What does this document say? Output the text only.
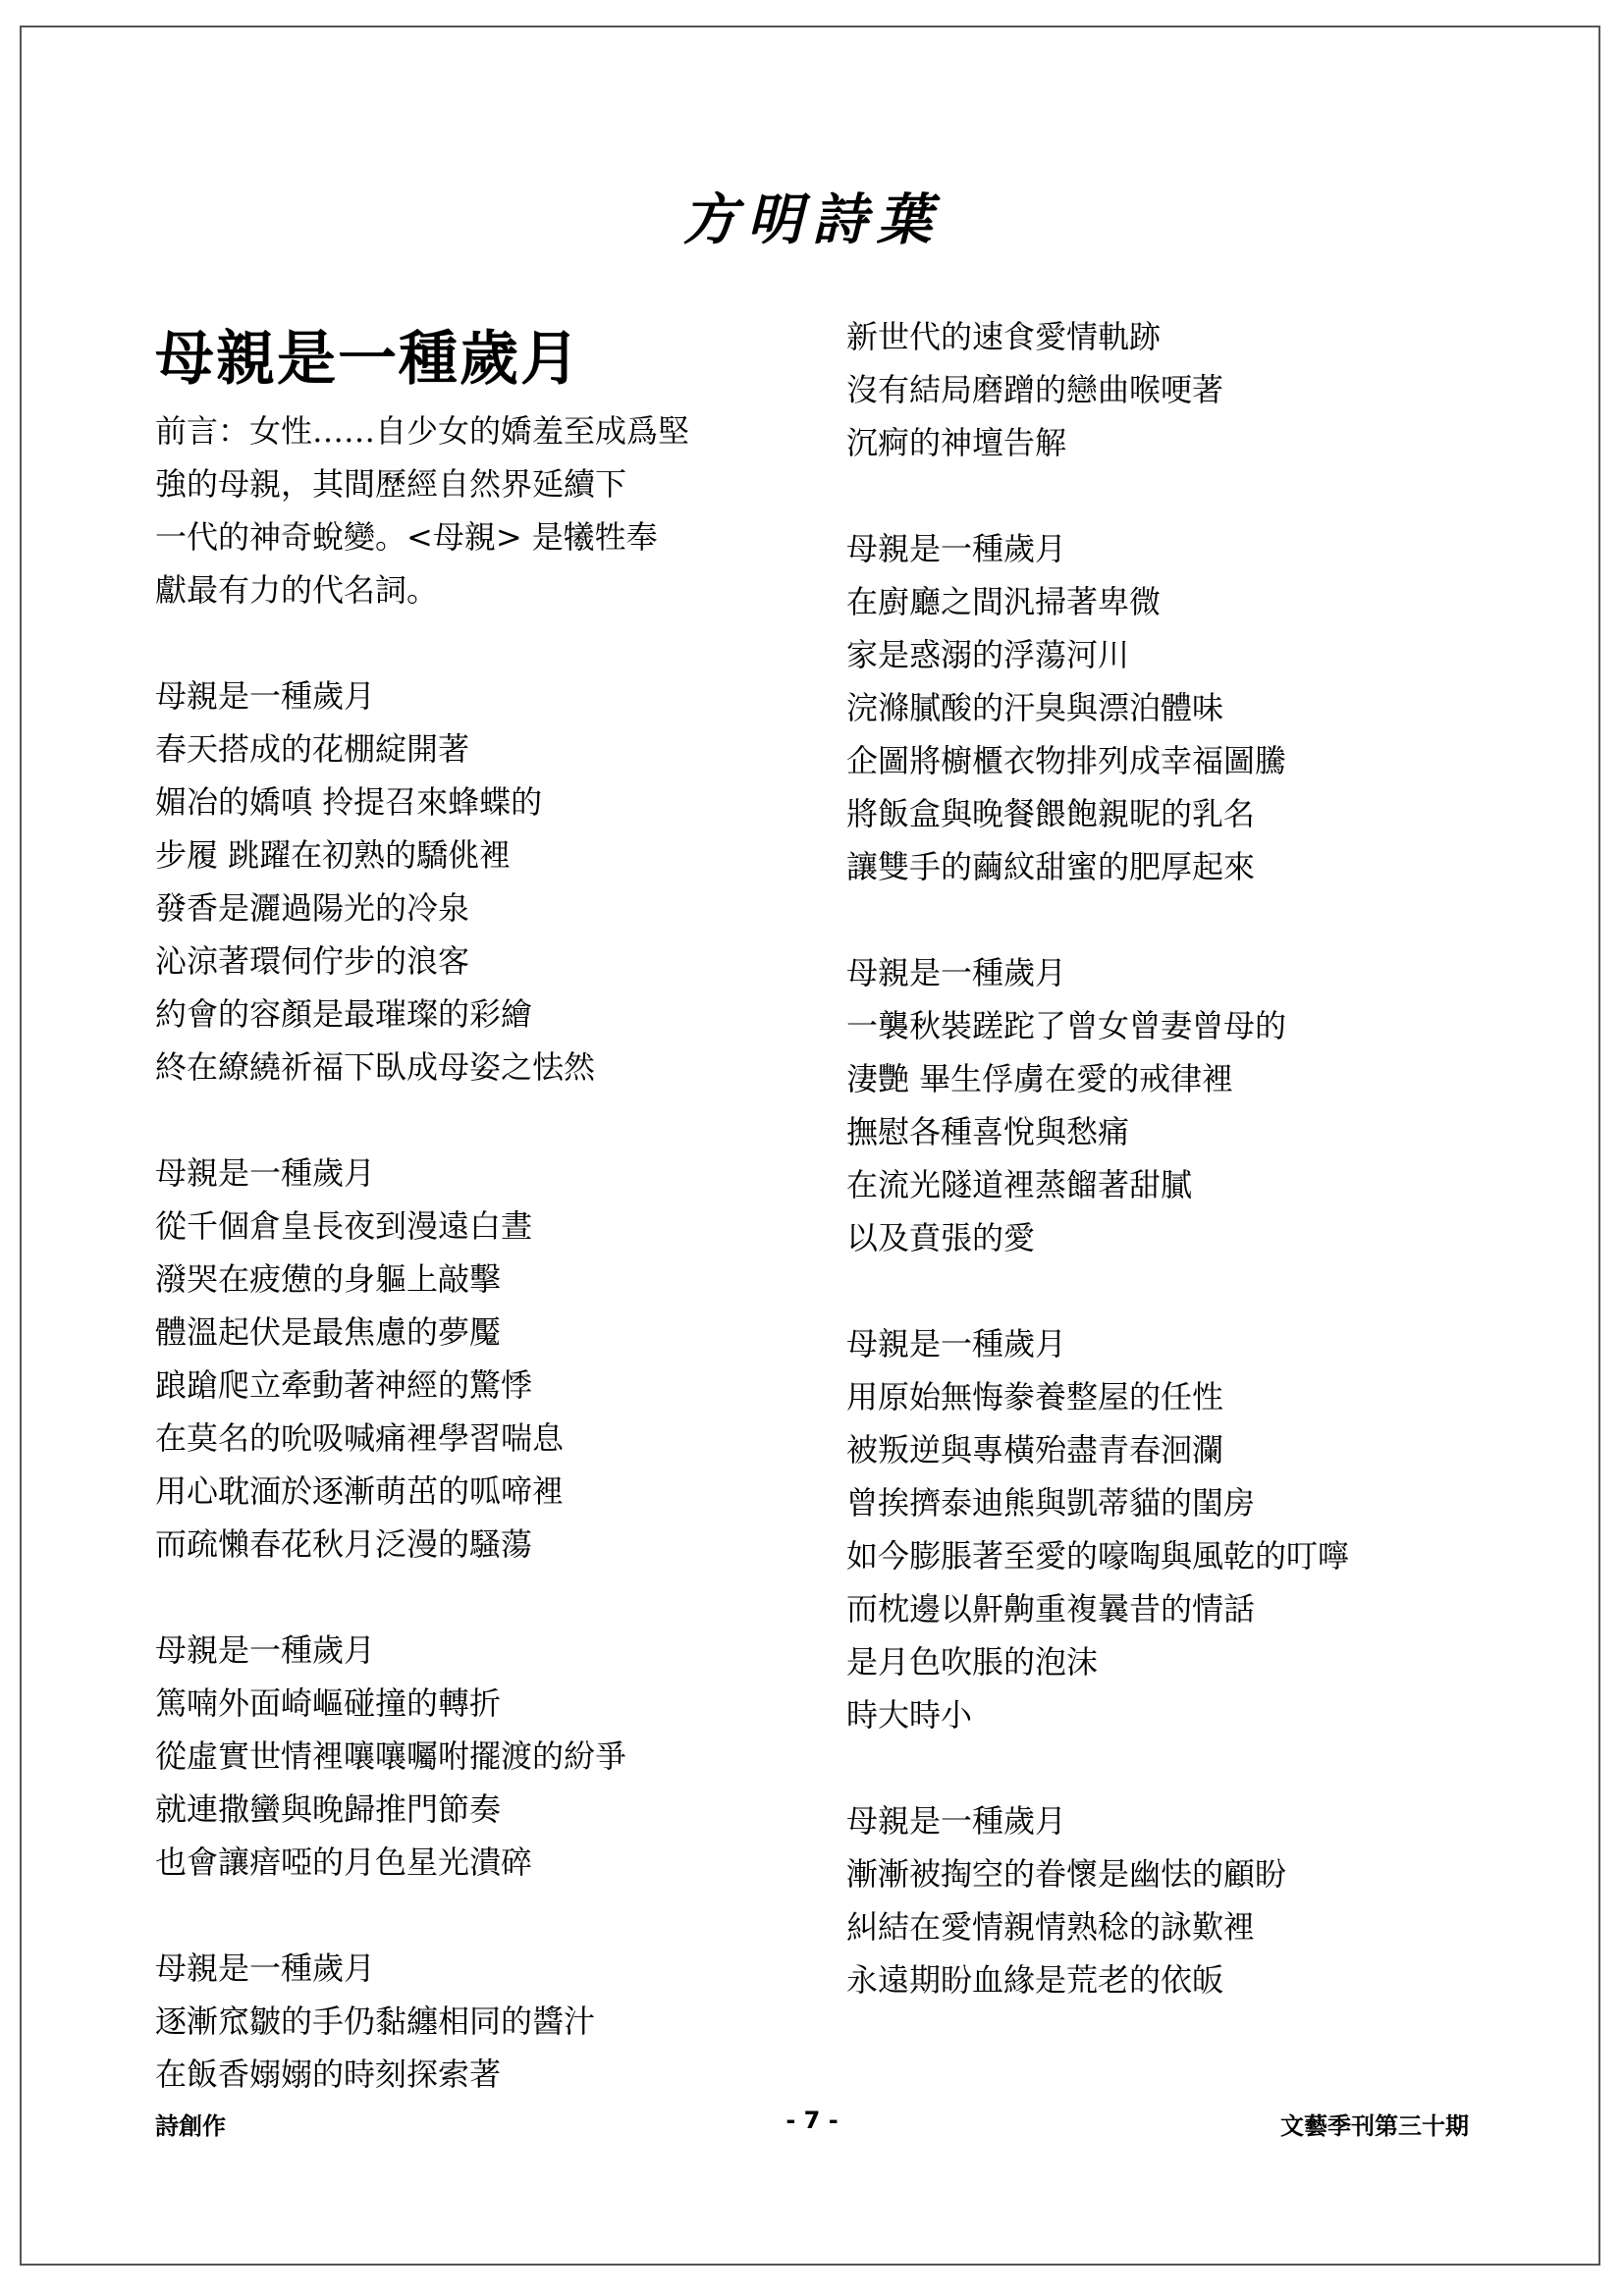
方明詩葉
母親是一種歲月
前言：女性……自少女的嬌羞至成爲堅
強的母親，其間歷經自然界延續下
一代的神奇蛻變。<母親> 是犧牲奉
獻最有力的代名詞。
母親是一種歲月
春天搭成的花棚綻開著
媚冶的嬌嗔 拎提召來蜂蝶的
步履 跳躍在初熟的驕佻裡
發香是灑過陽光的冷泉
沁涼著環伺佇步的浪客
約會的容顏是最璀璨的彩繪
終在繚繞祈福下臥成母姿之怯然
母親是一種歲月
從千個倉皇長夜到漫遠白晝
潑哭在疲憊的身軀上敲擊
體溫起伏是最焦慮的夢魘
踉蹌爬立牽動著神經的驚悸
在莫名的吮吸喊痛裡學習喘息
用心耽湎於逐漸萌茁的呱啼裡
而疏懶春花秋月泛漫的騷蕩
母親是一種歲月
篤喃外面崎嶇碰撞的轉折
從虛實世情裡嚷嚷囑咐擺渡的紛爭
就連撒蠻與晚歸推門節奏
也會讓瘖啞的月色星光潰碎
母親是一種歲月
逐漸窊皺的手仍黏纏相同的醬汁
在飯香嫋嫋的時刻探索著
新世代的速食愛情軌跡
沒有結局磨蹭的戀曲喉哽著
沉痾的神壇告解
母親是一種歲月
在廚廳之間汎掃著卑微
家是惑溺的浮蕩河川
浣滌膩酸的汗臭與漂泊體味
企圖將櫥櫃衣物排列成幸福圖騰
將飯盒與晚餐餵飽親昵的乳名
讓雙手的繭紋甜蜜的肥厚起來
母親是一種歲月
一襲秋裝蹉跎了曾女曾妻曾母的
淒艷 畢生俘虜在愛的戒律裡
撫慰各種喜悅與愁痛
在流光隧道裡蒸餾著甜膩
以及賁張的愛
母親是一種歲月
用原始無悔豢養整屋的任性
被叛逆與專橫殆盡青春洄瀾
曾挨擠泰迪熊與凱蒂貓的閨房
如今膨脹著至愛的嚎啕與風乾的叮嚀
而枕邊以鼾齁重複曩昔的情話
是月色吹脹的泡沫
時大時小
母親是一種歲月
漸漸被掏空的眷懷是幽怯的顧盼
糾結在愛情親情熟稔的詠歎裡
永遠期盼血緣是荒老的依皈
詩創作	- 7 -	文藝季刊第三十期
